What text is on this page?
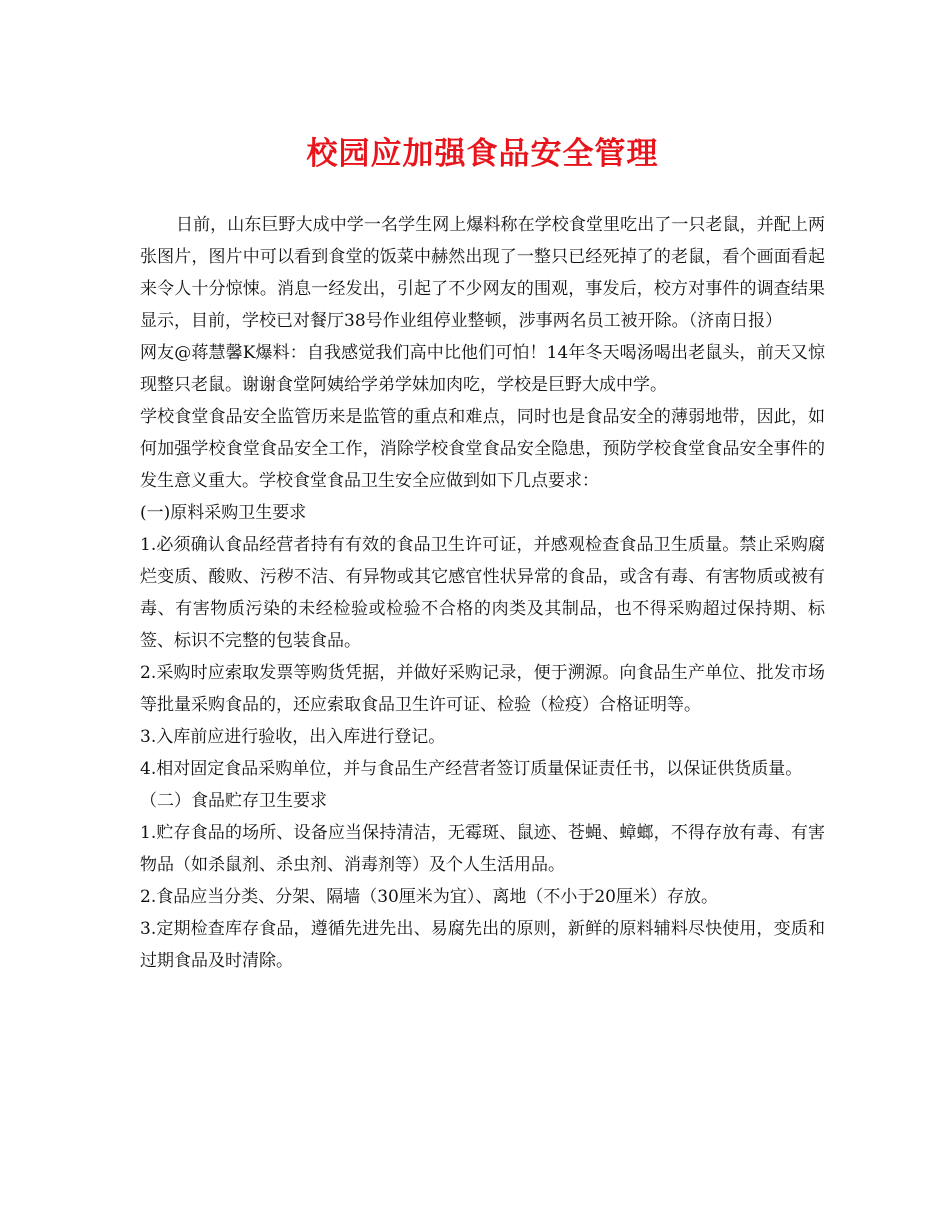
校园应加强食品安全管理

日前，山东巨野大成中学一名学生网上爆料称在学校食堂里吃出了一只老鼠，并配上两张图片，图片中可以看到食堂的饭菜中赫然出现了一整只已经死掉了的老鼠，看个画面看起来令人十分惊悚。消息一经发出，引起了不少网友的围观，事发后，校方对事件的调查结果显示，目前，学校已对餐厅38号作业组停业整顿，涉事两名员工被开除。（济南日报）

网友@蒋慧馨K爆料：自我感觉我们高中比他们可怕！14年冬天喝汤喝出老鼠头，前天又惊现整只老鼠。谢谢食堂阿姨给学弟学妹加肉吃，学校是巨野大成中学。

学校食堂食品安全监管历来是监管的重点和难点，同时也是食品安全的薄弱地带，因此，如何加强学校食堂食品安全工作，消除学校食堂食品安全隐患，预防学校食堂食品安全事件的发生意义重大。学校食堂食品卫生安全应做到如下几点要求：

(一)原料采购卫生要求

1.必须确认食品经营者持有有效的食品卫生许可证，并感观检查食品卫生质量。禁止采购腐烂变质、酸败、污秽不洁、有异物或其它感官性状异常的食品，或含有毒、有害物质或被有毒、有害物质污染的未经检验或检验不合格的肉类及其制品，也不得采购超过保持期、标签、标识不完整的包装食品。

2.采购时应索取发票等购货凭据，并做好采购记录，便于溯源。向食品生产单位、批发市场等批量采购食品的，还应索取食品卫生许可证、检验（检疫）合格证明等。

3.入库前应进行验收，出入库进行登记。

4.相对固定食品采购单位，并与食品生产经营者签订质量保证责任书，以保证供货质量。

（二）食品贮存卫生要求

1.贮存食品的场所、设备应当保持清洁，无霉斑、鼠迹、苍蝇、蟑螂，不得存放有毒、有害物品（如杀鼠剂、杀虫剂、消毒剂等）及个人生活用品。

2.食品应当分类、分架、隔墙（30厘米为宜）、离地（不小于20厘米）存放。

3.定期检查库存食品，遵循先进先出、易腐先出的原则，新鲜的原料辅料尽快使用，变质和过期食品及时清除。
